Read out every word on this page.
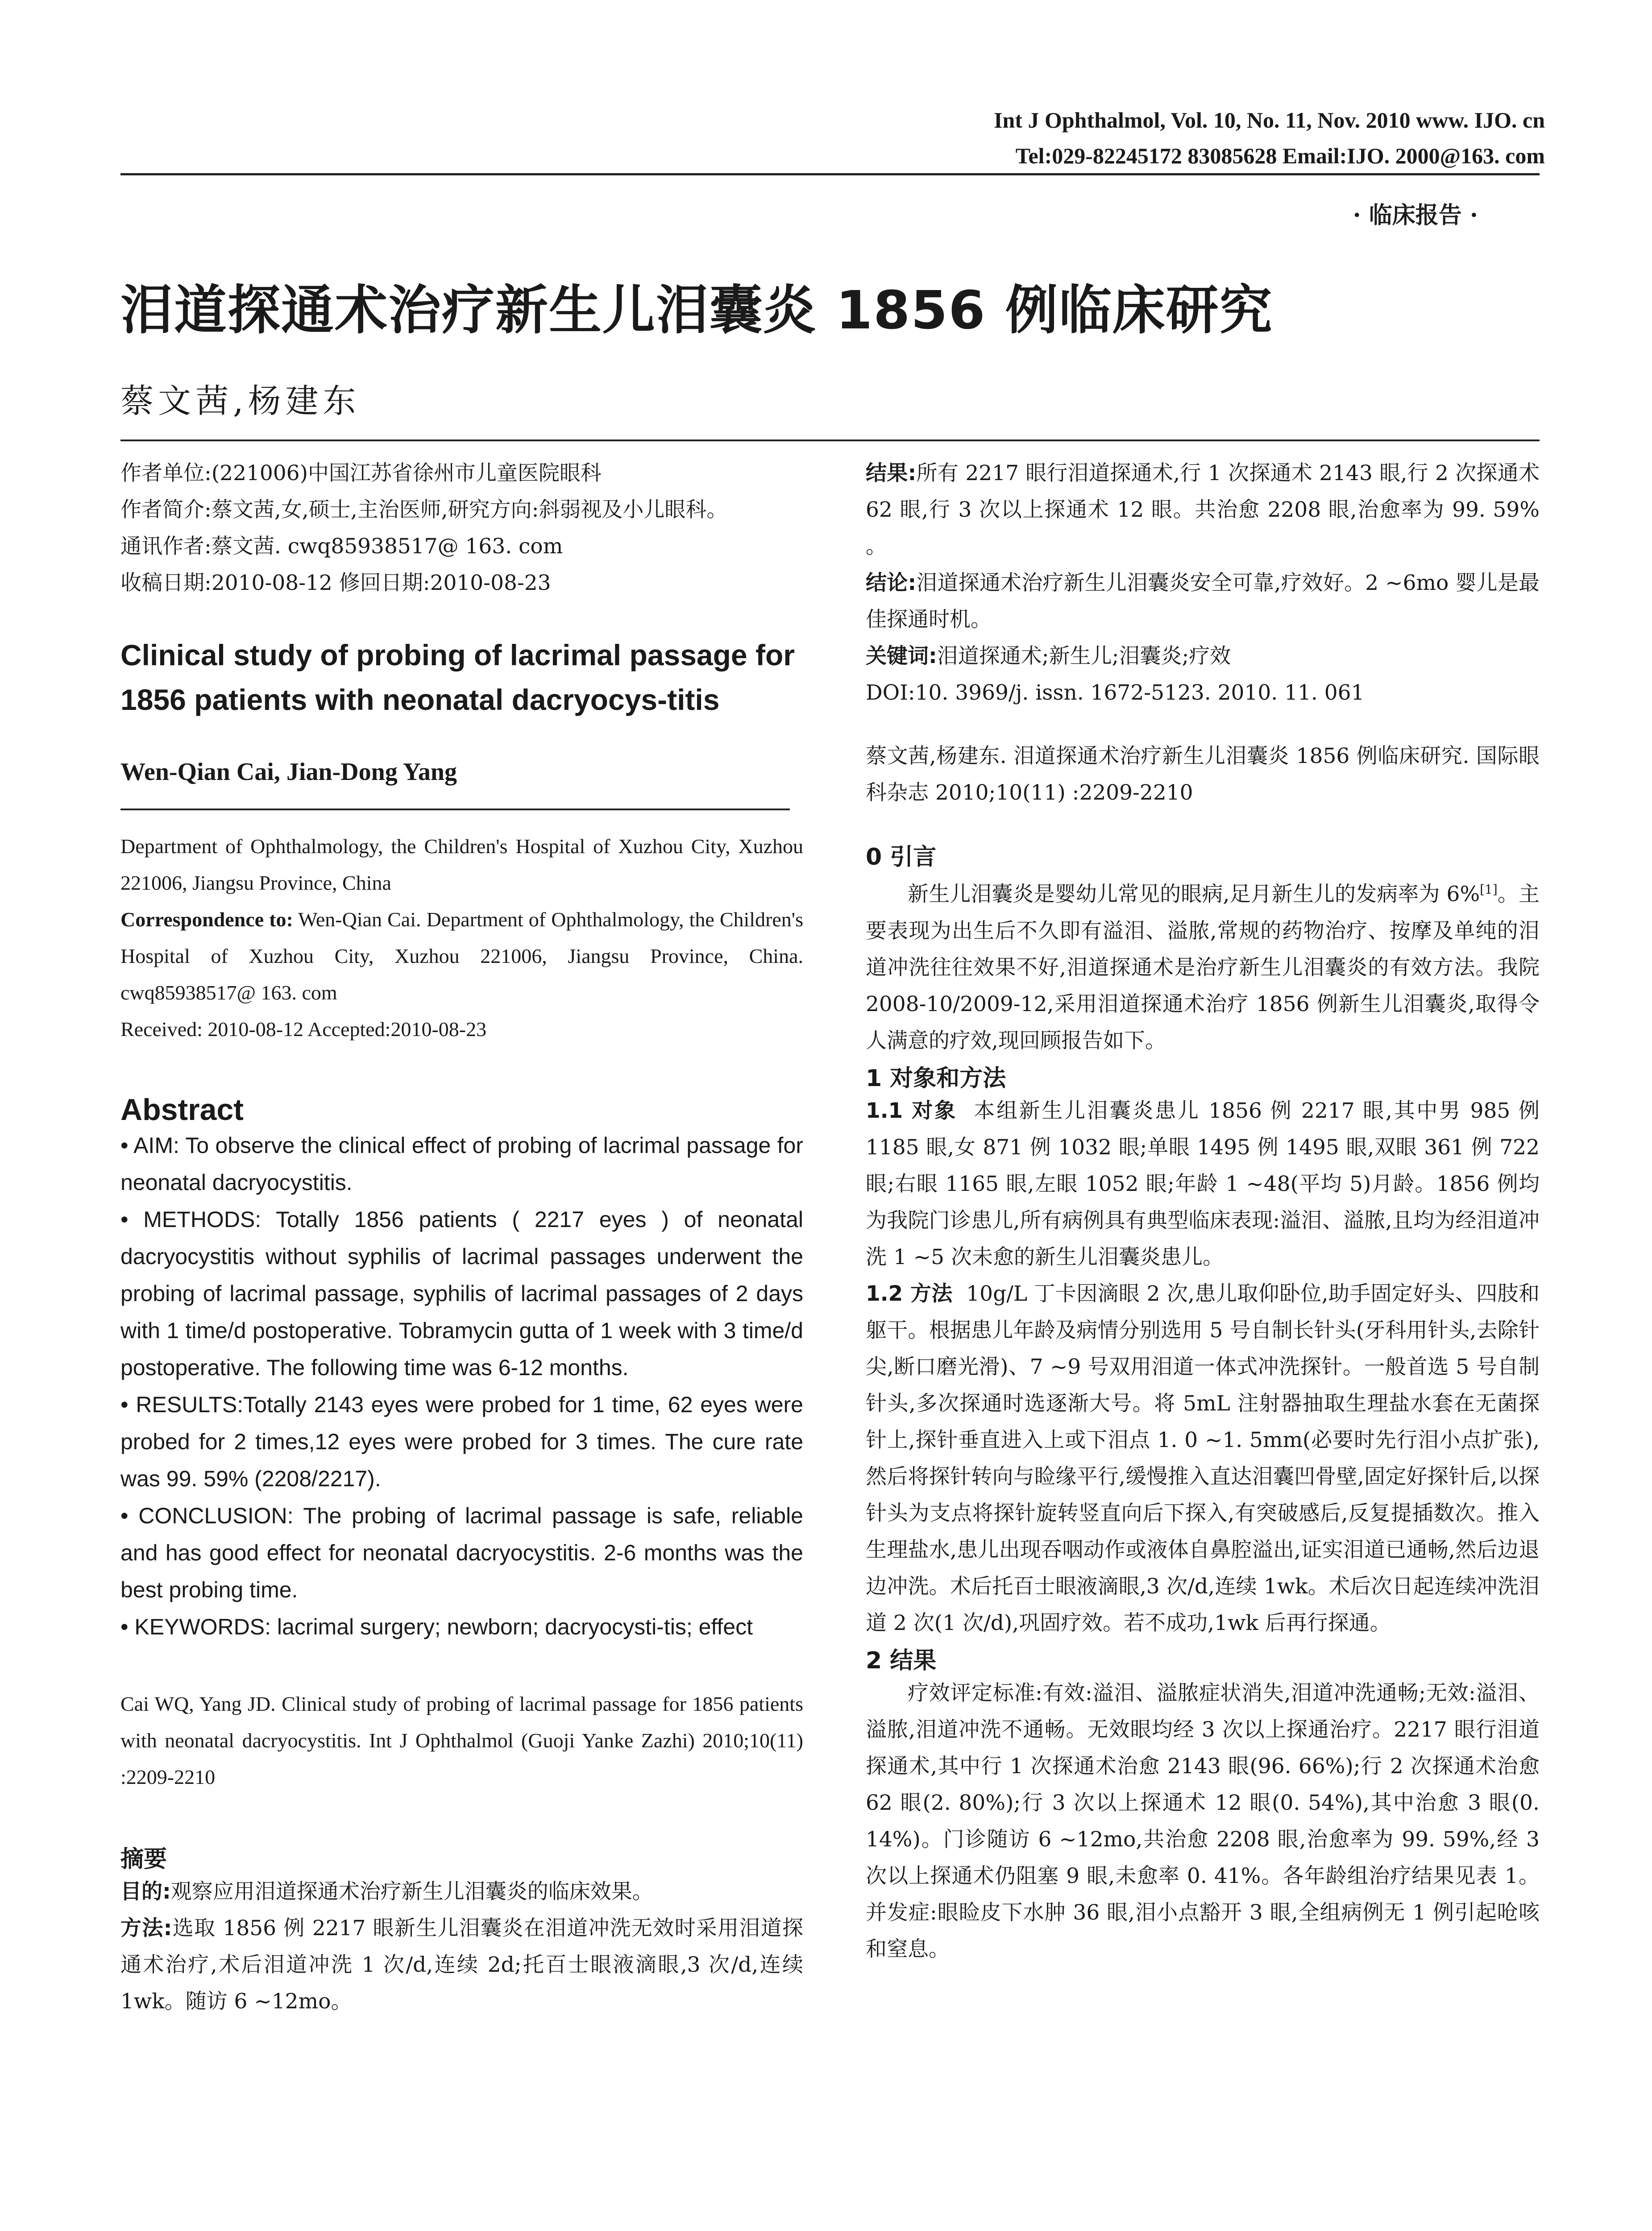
Int J Ophthalmol, Vol. 10, No. 11, Nov. 2010 www. IJO. cn
Tel:029-82245172 83085628 Email:IJO. 2000@163. com
· 临床报告 ·
泪道探通术治疗新生儿泪囊炎 1856 例临床研究
蔡文茜,杨建东

作者单位:(221006)中国江苏省徐州市儿童医院眼科

作者简介:蔡文茜,女,硕士,主治医师,研究方向:斜弱视及小儿眼科。

通讯作者:蔡文茜. cwq85938517@ 163. com

收稿日期:2010-08-12 修回日期:2010-08-23

Clinical study of probing of lacrimal passage for 1856 patients with neonatal dacryocys-titis

Wen-Qian Cai, Jian-Dong Yang

Department of Ophthalmology, the Children's Hospital of Xuzhou City, Xuzhou 221006, Jiangsu Province, China

Correspondence to: Wen-Qian Cai. Department of Ophthalmology, the Children's Hospital of Xuzhou City, Xuzhou 221006, Jiangsu Province, China. cwq85938517@ 163. com

Received: 2010-08-12 Accepted:2010-08-23

Abstract

• AIM: To observe the clinical effect of probing of lacrimal passage for neonatal dacryocystitis.

• METHODS: Totally 1856 patients ( 2217 eyes ) of neonatal dacryocystitis without syphilis of lacrimal passages underwent the probing of lacrimal passage, syphilis of lacrimal passages of 2 days with 1 time/d postoperative. Tobramycin gutta of 1 week with 3 time/d postoperative. The following time was 6-12 months.

• RESULTS:Totally 2143 eyes were probed for 1 time, 62 eyes were probed for 2 times,12 eyes were probed for 3 times. The cure rate was 99. 59% (2208/2217).

• CONCLUSION: The probing of lacrimal passage is safe, reliable and has good effect for neonatal dacryocystitis. 2-6 months was the best probing time.

• KEYWORDS: lacrimal surgery; newborn; dacryocysti-tis; effect

Cai WQ, Yang JD. Clinical study of probing of lacrimal passage for 1856 patients with neonatal dacryocystitis. Int J Ophthalmol (Guoji Yanke Zazhi) 2010;10(11) :2209-2210

摘要

目的:观察应用泪道探通术治疗新生儿泪囊炎的临床效果。

方法:选取 1856 例 2217 眼新生儿泪囊炎在泪道冲洗无效时采用泪道探通术治疗,术后泪道冲洗 1 次/d,连续 2d;托百士眼液滴眼,3 次/d,连续 1wk。随访 6 ~12mo。

结果:所有 2217 眼行泪道探通术,行 1 次探通术 2143 眼,行 2 次探通术 62 眼,行 3 次以上探通术 12 眼。共治愈 2208 眼,治愈率为 99. 59% 。

结论:泪道探通术治疗新生儿泪囊炎安全可靠,疗效好。2 ~6mo 婴儿是最佳探通时机。

关键词:泪道探通术;新生儿;泪囊炎;疗效

DOI:10. 3969/j. issn. 1672-5123. 2010. 11. 061

蔡文茜,杨建东. 泪道探通术治疗新生儿泪囊炎 1856 例临床研究. 国际眼科杂志 2010;10(11) :2209-2210

0 引言

新生儿泪囊炎是婴幼儿常见的眼病,足月新生儿的发病率为 6%[1]。主要表现为出生后不久即有溢泪、溢脓,常规的药物治疗、按摩及单纯的泪道冲洗往往效果不好,泪道探通术是治疗新生儿泪囊炎的有效方法。我院 2008-10/2009-12,采用泪道探通术治疗 1856 例新生儿泪囊炎,取得令人满意的疗效,现回顾报告如下。

1 对象和方法

1.1 对象 本组新生儿泪囊炎患儿 1856 例 2217 眼,其中男 985 例 1185 眼,女 871 例 1032 眼;单眼 1495 例 1495 眼,双眼 361 例 722 眼;右眼 1165 眼,左眼 1052 眼;年龄 1 ~48(平均 5)月龄。1856 例均为我院门诊患儿,所有病例具有典型临床表现:溢泪、溢脓,且均为经泪道冲洗 1 ~5 次未愈的新生儿泪囊炎患儿。

1.2 方法 10g/L 丁卡因滴眼 2 次,患儿取仰卧位,助手固定好头、四肢和躯干。根据患儿年龄及病情分别选用 5 号自制长针头(牙科用针头,去除针尖,断口磨光滑)、7 ~9 号双用泪道一体式冲洗探针。一般首选 5 号自制针头,多次探通时选逐渐大号。将 5mL 注射器抽取生理盐水套在无菌探针上,探针垂直进入上或下泪点 1. 0 ~1. 5mm(必要时先行泪小点扩张),然后将探针转向与睑缘平行,缓慢推入直达泪囊凹骨壁,固定好探针后,以探针头为支点将探针旋转竖直向后下探入,有突破感后,反复提插数次。推入生理盐水,患儿出现吞咽动作或液体自鼻腔溢出,证实泪道已通畅,然后边退边冲洗。术后托百士眼液滴眼,3 次/d,连续 1wk。术后次日起连续冲洗泪道 2 次(1 次/d),巩固疗效。若不成功,1wk 后再行探通。

2 结果

疗效评定标准:有效:溢泪、溢脓症状消失,泪道冲洗通畅;无效:溢泪、溢脓,泪道冲洗不通畅。无效眼均经 3 次以上探通治疗。2217 眼行泪道探通术,其中行 1 次探通术治愈 2143 眼(96. 66%);行 2 次探通术治愈 62 眼(2. 80%);行 3 次以上探通术 12 眼(0. 54%),其中治愈 3 眼(0. 14%)。门诊随访 6 ~12mo,共治愈 2208 眼,治愈率为 99. 59%,经 3 次以上探通术仍阻塞 9 眼,未愈率 0. 41%。各年龄组治疗结果见表 1。并发症:眼睑皮下水肿 36 眼,泪小点豁开 3 眼,全组病例无 1 例引起呛咳和窒息。
